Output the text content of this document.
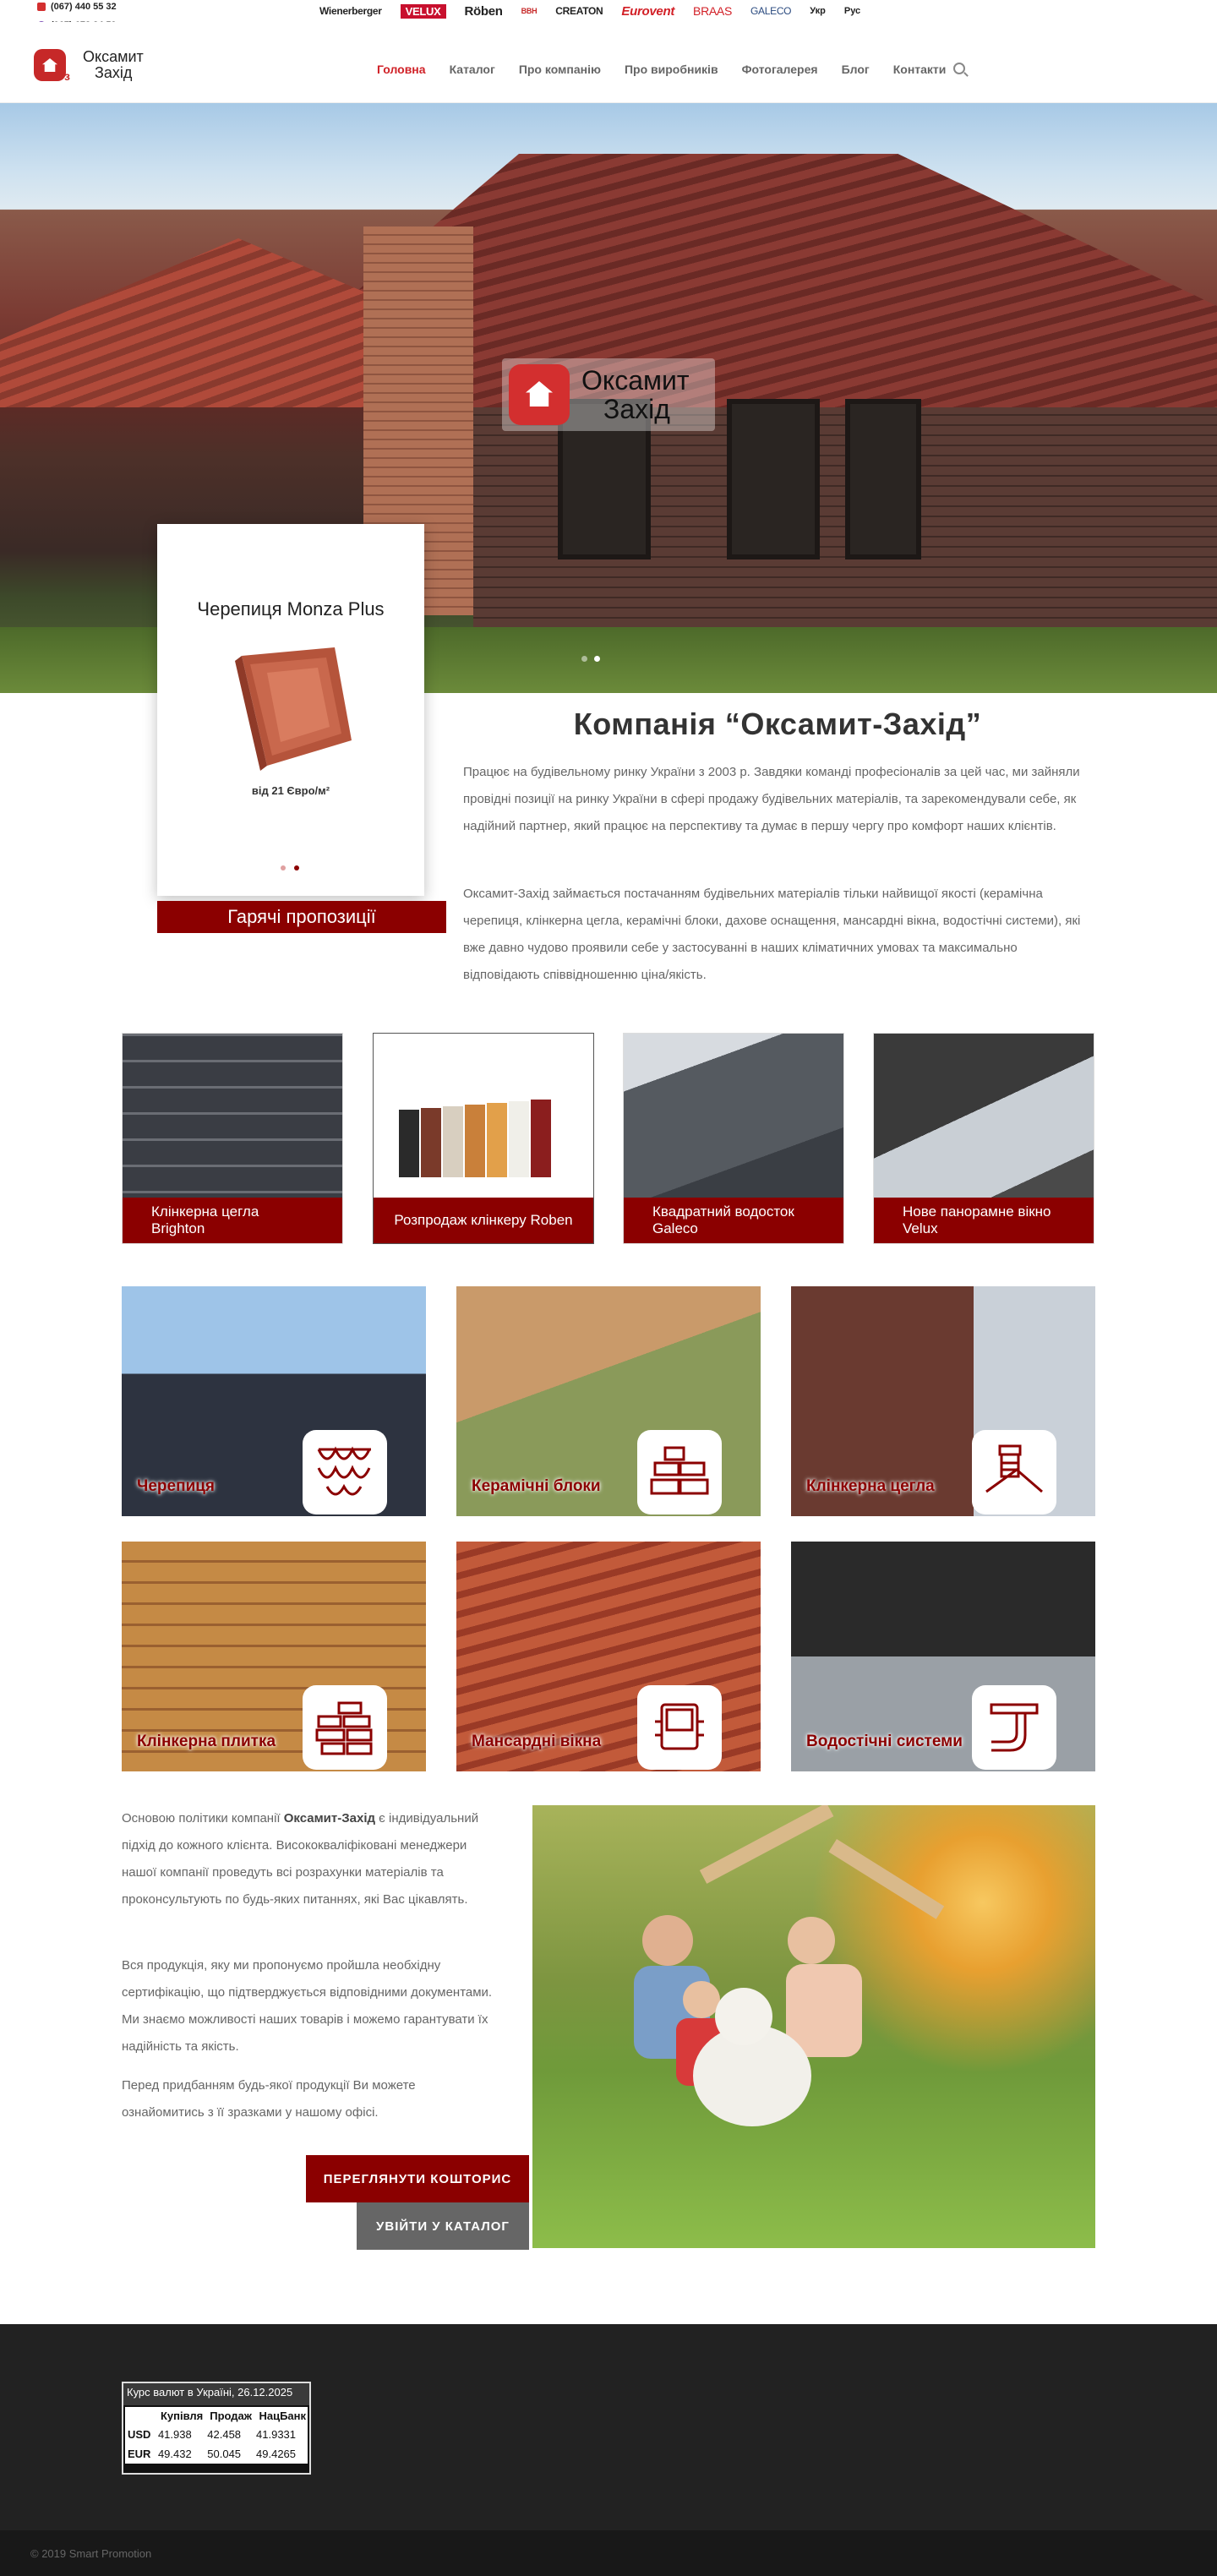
(067) 440 55 32	Wienerberger	VELUX	Röben ВВН CREATON Eurovent BRAAS GALECO Укр Рус
з
Оксамит
Захід	Головна Каталог Про компанію Про виробників Фотогалерея Блог Контакти
Оксамит
Захід
Черепиця Monza Plus
від 21 Євро/м²
Гарячі пропозиції
Компанія “Оксамит-Захід”

Працює на будівельному ринку України з 2003 р. Завдяки команді професіоналів за цей час, ми зайняли провідні позиції на ринку України в сфері продажу будівельних матеріалів, та зарекомендували себе, як надійний партнер, який працює на перспективу та думає в першу чергу про комфорт наших клієнтів.

Оксамит-Захід займається постачанням будівельних матеріалів тільки найвищої якості (керамічна черепиця, клінкерна цегла, керамічні блоки, дахове оснащення, мансардні вікна, водостічні системи), які вже давно чудово проявили себе у застосуванні в наших кліматичних умовах та максимально відповідають співвідношенню ціна/якість.

Клінкерна цегла Brighton
Розпродаж клінкеру Roben
Квадратний водосток Galeco
Нове панорамне вікно Velux
Черепиця	Керамічні блоки	Клінкерна цегла
Клінкерна плитка	Мансардні вікна	Водостічні системи

Основою політики компанії Оксамит-Захід є індивідуальний підхід до кожного клієнта. Висококваліфіковані менеджери нашої компанії проведуть всі розрахунки матеріалів та проконсультують по будь-яких питаннях, які Вас цікавлять.

Вся продукція, яку ми пропонуємо пройшла необхідну сертифікацію, що підтверджується відповідними документами. Ми знаємо можливості наших товарів і можемо гарантувати їх надійність та якість.

Перед придбанням будь-якої продукції Ви можете ознайомитись з її зразками у нашому офісі.

ПЕРЕГЛЯНУТИ КОШТОРИС
УВІЙТИ У КАТАЛОГ
Курс валют в Україні, 26.12.2025
	Купівля	Продаж	НацБанк
USD	41.938	42.458	41.9331
EUR	49.432	50.045	49.4265
© 2019 Smart Promotion
